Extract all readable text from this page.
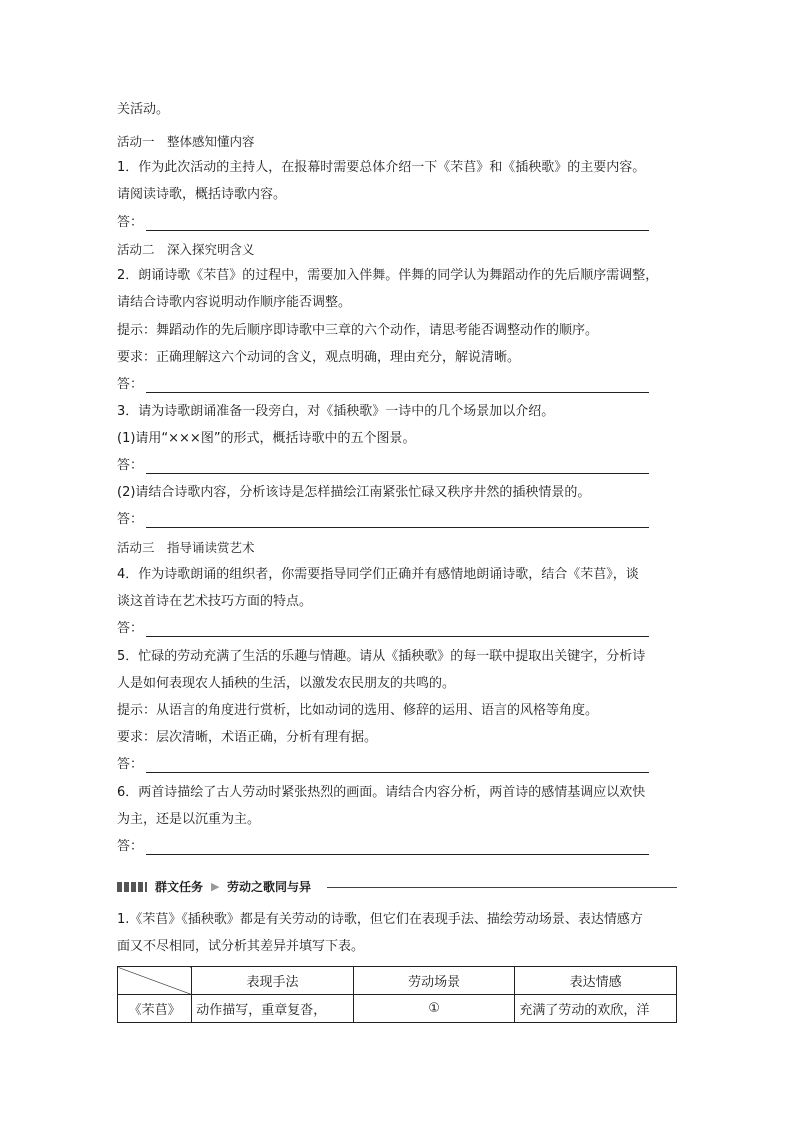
关活动。
活动一　整体感知懂内容
1．作为此次活动的主持人，在报幕时需要总体介绍一下《芣苢》和《插秧歌》的主要内容。
请阅读诗歌，概括诗歌内容。
答：
活动二　深入探究明含义
2．朗诵诗歌《芣苢》的过程中，需要加入伴舞。伴舞的同学认为舞蹈动作的先后顺序需调整，
请结合诗歌内容说明动作顺序能否调整。
提示：舞蹈动作的先后顺序即诗歌中三章的六个动作，请思考能否调整动作的顺序。
要求：正确理解这六个动词的含义，观点明确，理由充分，解说清晰。
答：
3．请为诗歌朗诵准备一段旁白，对《插秧歌》一诗中的几个场景加以介绍。
(1)请用“×××图”的形式，概括诗歌中的五个图景。
答：
(2)请结合诗歌内容，分析该诗是怎样描绘江南紧张忙碌又秩序井然的插秧情景的。
答：
活动三　指导诵读赏艺术
4．作为诗歌朗诵的组织者，你需要指导同学们正确并有感情地朗诵诗歌，结合《芣苢》，谈
谈这首诗在艺术技巧方面的特点。
答：
5．忙碌的劳动充满了生活的乐趣与情趣。请从《插秧歌》的每一联中提取出关键字，分析诗
人是如何表现农人插秧的生活，以激发农民朋友的共鸣的。
提示：从语言的角度进行赏析，比如动词的选用、修辞的运用、语言的风格等角度。
要求：层次清晰，术语正确，分析有理有据。
答：
6．两首诗描绘了古人劳动时紧张热烈的画面。请结合内容分析，两首诗的感情基调应以欢快
为主，还是以沉重为主。
答：
群文任务 ▶ 劳动之歌同与异
1.《芣苢》《插秧歌》都是有关劳动的诗歌，但它们在表现手法、描绘劳动场景、表达情感方
面又不尽相同，试分析其差异并填写下表。
	表现手法	劳动场景	表达情感
《芣苢》	动作描写，重章复沓，	①	充满了劳动的欢欣，洋
